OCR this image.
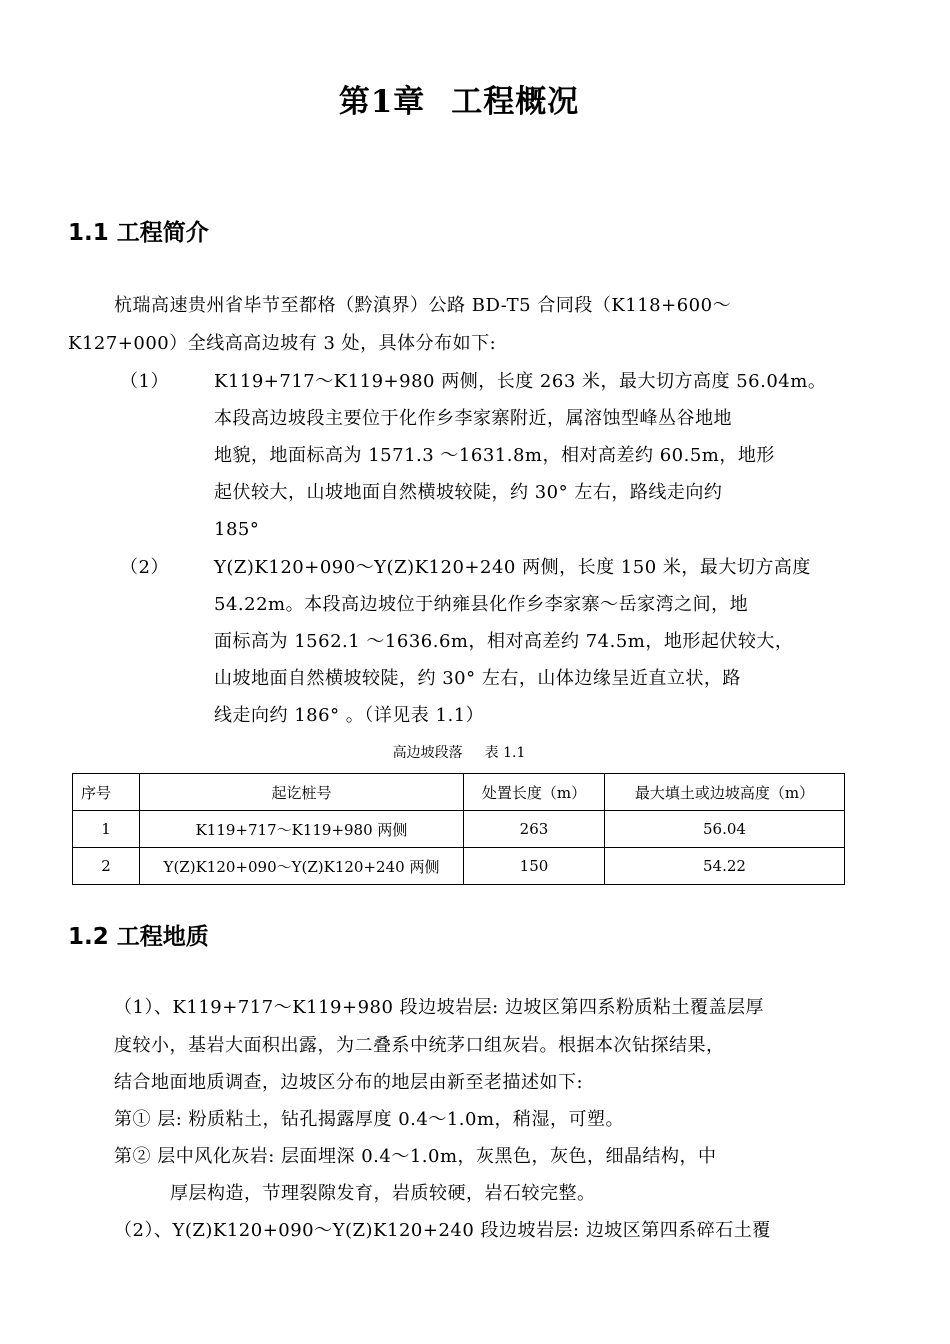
第1章 工程概况
1.1 工程简介
杭瑞高速贵州省毕节至都格（黔滇界）公路 BD-T5 合同段（K118+600～
K127+000）全线高高边坡有 3 处，具体分布如下:
（1）	K119+717～K119+980 两侧，长度 263 米，最大切方高度 56.04m。
本段高边坡段主要位于化作乡李家寨附近，属溶蚀型峰丛谷地地
地貌，地面标高为 1571.3 ～1631.8m，相对高差约 60.5m，地形
起伏较大，山坡地面自然横坡较陡，约 30° 左右，路线走向约
185°
（2）	Y(Z)K120+090～Y(Z)K120+240 两侧，长度 150 米，最大切方高度
54.22m。本段高边坡位于纳雍县化作乡李家寨～岳家湾之间，地
面标高为 1562.1 ～1636.6m，相对高差约 74.5m，地形起伏较大，
山坡地面自然横坡较陡，约 30° 左右，山体边缘呈近直立状，路
线走向约 186° 。（详见表 1.1）
高边坡段落 表 1.1
序号	起讫桩号	处置长度（m）	最大填土或边坡高度（m）
1	K119+717～K119+980 两侧	263	56.04
2	Y(Z)K120+090～Y(Z)K120+240 两侧	150	54.22
1.2 工程地质
（1）、K119+717～K119+980 段边坡岩层: 边坡区第四系粉质粘土覆盖层厚
度较小，基岩大面积出露，为二叠系中统茅口组灰岩。根据本次钻探结果，
结合地面地质调查，边坡区分布的地层由新至老描述如下:
第① 层: 粉质粘土，钻孔揭露厚度 0.4～1.0m，稍湿，可塑。
第② 层中风化灰岩: 层面埋深 0.4～1.0m，灰黑色，灰色，细晶结构，中
厚层构造，节理裂隙发育，岩质较硬，岩石较完整。
（2）、Y(Z)K120+090～Y(Z)K120+240 段边坡岩层: 边坡区第四系碎石土覆
